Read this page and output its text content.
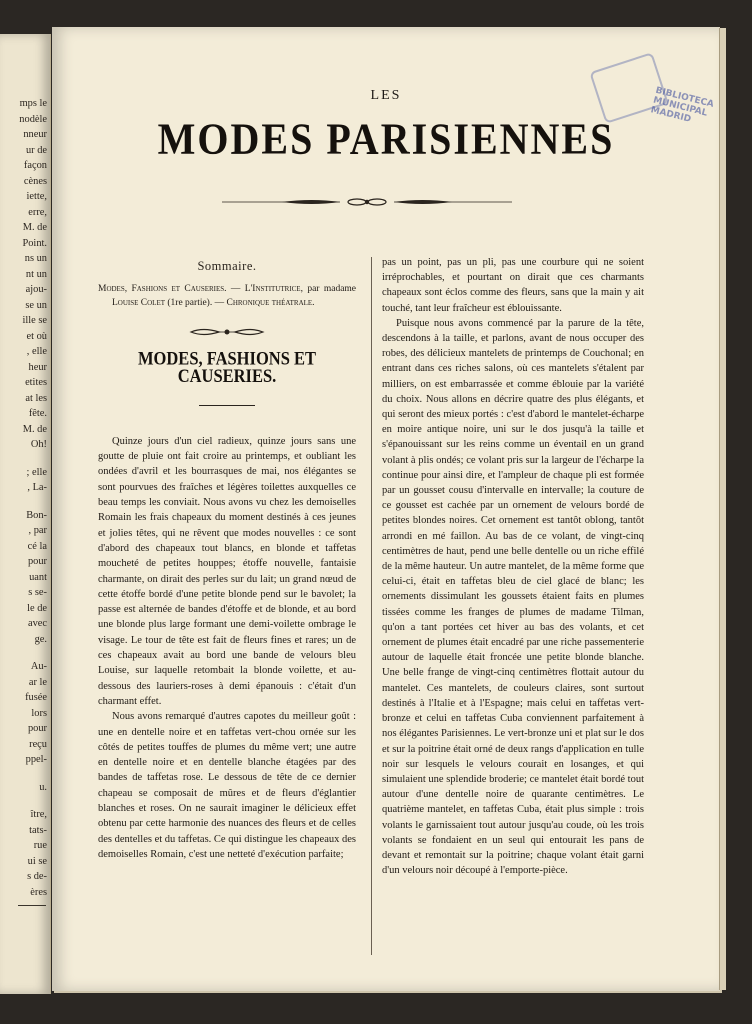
mps le
nodèle
nneur
ur de
façon
cènes
iette,
erre,
M. de
Point.
ns un
nt un
ajou-
se un
ille se
et où
, elle
heur
etites
at les
fête.
M. de
Oh!
; elle
, La-
Bon-
, par
cé la
pour
uant
s se-
le de
avec
ge.
Au-
ar le
fusée
lors
pour
reçu
ppel-
u.
ître,
tats-
rue
ui se
s de-
ères
BIBLIOTECA MUNICIPAL MADRID
LES
MODES PARISIENNES
Sommaire.

Modes, Fashions et Causeries. — L'Institutrice, par madame Louise Colet (1re partie). — Chronique théatrale.

MODES, FASHIONS ET CAUSERIES.

Quinze jours d'un ciel radieux, quinze jours sans une goutte de pluie ont fait croire au printemps, et oubliant les ondées d'avril et les bourrasques de mai, nos élégantes se sont pourvues des fraîches et légères toilettes auxquelles ce beau temps les conviait. Nous avons vu chez les demoiselles Romain les frais chapeaux du moment destinés à ces jeunes et jolies têtes, qui ne rêvent que modes nouvelles : ce sont d'abord des chapeaux tout blancs, en blonde et taffetas moucheté de petites houppes; étoffe nouvelle, fantaisie charmante, on dirait des perles sur du lait; un grand nœud de cette étoffe bordé d'une petite blonde pend sur le bavolet; la passe est alternée de bandes d'étoffe et de blonde, et au bord une blonde plus large formant une demi-voilette ombrage le visage. Le tour de tête est fait de fleurs fines et rares; un de ces chapeaux avait au bord une bande de velours bleu Louise, sur laquelle retombait la blonde voilette, et au-dessous des lauriers-roses à demi épanouis : c'était d'un charmant effet.

Nous avons remarqué d'autres capotes du meilleur goût : une en dentelle noire et en taffetas vert-chou ornée sur les côtés de petites touffes de plumes du même vert; une autre en dentelle noire et en dentelle blanche étagées par des bandes de taffetas rose. Le dessous de tête de ce dernier chapeau se composait de mûres et de fleurs d'églantier blanches et roses. On ne saurait imaginer le délicieux effet obtenu par cette harmonie des nuances des fleurs et de celles des dentelles et du taffetas. Ce qui distingue les chapeaux des demoiselles Romain, c'est une netteté d'exécution parfaite;

pas un point, pas un pli, pas une courbure qui ne soient irréprochables, et pourtant on dirait que ces charmants chapeaux sont éclos comme des fleurs, sans que la main y ait touché, tant leur fraîcheur est éblouissante.

Puisque nous avons commencé par la parure de la tête, descendons à la taille, et parlons, avant de nous occuper des robes, des délicieux mantelets de printemps de Couchonal; en entrant dans ces riches salons, où ces mantelets s'étalent par milliers, on est embarrassée et comme éblouie par la variété du choix. Nous allons en décrire quatre des plus élégants, et qui seront des mieux portés : c'est d'abord le mantelet-écharpe en moire antique noire, uni sur le dos jusqu'à la taille et s'épanouissant sur les reins comme un éventail en un grand volant à plis ondés; ce volant pris sur la largeur de l'écharpe la continue pour ainsi dire, et l'ampleur de chaque pli est formée par un gousset cousu d'intervalle en intervalle; la couture de ce gousset est cachée par un ornement de velours bordé de petites blondes noires. Cet ornement est tantôt oblong, tantôt arrondi en mé faillon. Au bas de ce volant, de vingt-cinq centimètres de haut, pend une belle dentelle ou un riche effilé de la même hauteur. Un autre mantelet, de la même forme que celui-ci, était en taffetas bleu de ciel glacé de blanc; les ornements dissimulant les goussets étaient faits en plumes tissées comme les franges de plumes de madame Tilman, qu'on a tant portées cet hiver au bas des volants, et cet ornement de plumes était encadré par une riche passementerie autour de laquelle était froncée une petite blonde blanche. Une belle frange de vingt-cinq centimètres flottait autour du mantelet. Ces mantelets, de couleurs claires, sont surtout destinés à l'Italie et à l'Espagne; mais celui en taffetas vert-bronze et celui en taffetas Cuba conviennent parfaitement à nos élégantes Parisiennes. Le vert-bronze uni et plat sur le dos et sur la poitrine était orné de deux rangs d'application en tulle noir sur lesquels le velours courait en losanges, et qui simulaient une splendide broderie; ce mantelet était bordé tout autour d'une dentelle noire de quarante centimètres. Le quatrième mantelet, en taffetas Cuba, était plus simple : trois volants le garnissaient tout autour jusqu'au coude, où les trois volants se fondaient en un seul qui entourait les pans de devant et remontait sur la poitrine; chaque volant était garni d'un velours noir découpé à l'emporte-pièce.
